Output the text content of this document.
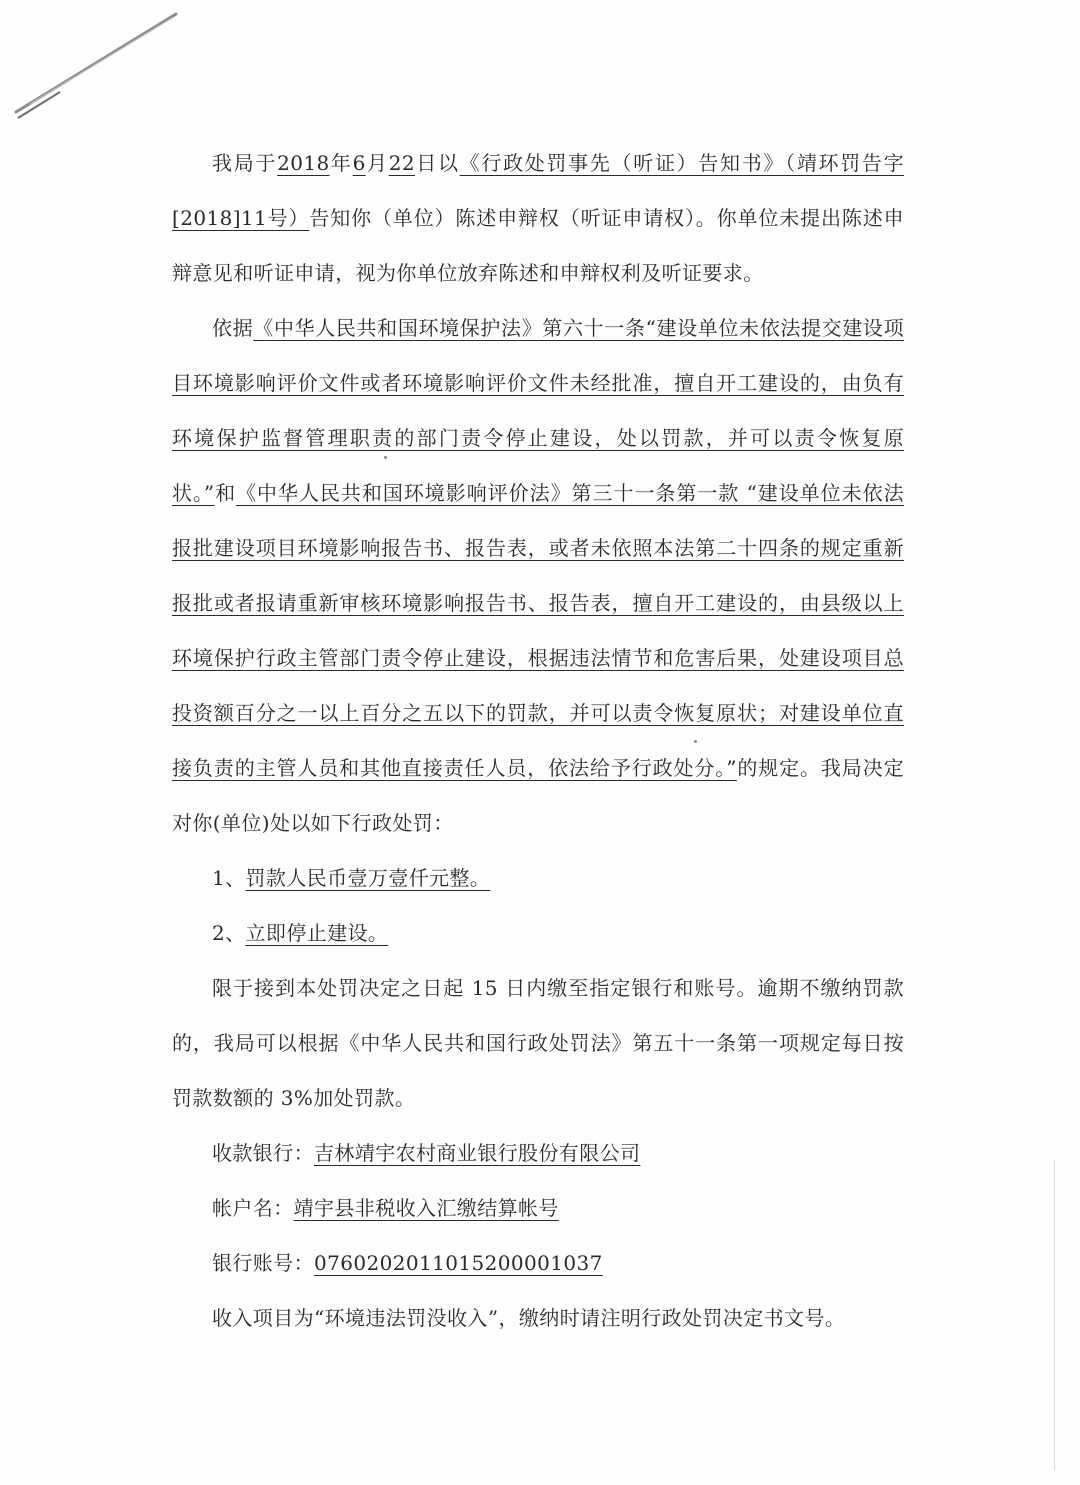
我局于2018年6月22日以《行政处罚事先（听证）告知书》（靖环罚告字[2018]11号）告知你（单位）陈述申辩权（听证申请权）。你单位未提出陈述申辩意见和听证申请，视为你单位放弃陈述和申辩权利及听证要求。

依据《中华人民共和国环境保护法》第六十一条“建设单位未依法提交建设项目环境影响评价文件或者环境影响评价文件未经批准，擅自开工建设的，由负有环境保护监督管理职责的部门责令停止建设，处以罚款，并可以责令恢复原状。”和《中华人民共和国环境影响评价法》第三十一条第一款 “建设单位未依法报批建设项目环境影响报告书、报告表，或者未依照本法第二十四条的规定重新报批或者报请重新审核环境影响报告书、报告表，擅自开工建设的，由县级以上环境保护行政主管部门责令停止建设，根据违法情节和危害后果，处建设项目总投资额百分之一以上百分之五以下的罚款，并可以责令恢复原状；对建设单位直接负责的主管人员和其他直接责任人员，依法给予行政处分。”的规定。我局决定对你(单位)处以如下行政处罚：

1、罚款人民币壹万壹仟元整。

2、立即停止建设。

限于接到本处罚决定之日起 15 日内缴至指定银行和账号。逾期不缴纳罚款的，我局可以根据《中华人民共和国行政处罚法》第五十一条第一项规定每日按罚款数额的 3%加处罚款。

收款银行：吉林靖宇农村商业银行股份有限公司

帐户名：靖宇县非税收入汇缴结算帐号

银行账号：0760202011015200001037

收入项目为“环境违法罚没收入”，缴纳时请注明行政处罚决定书文号。
